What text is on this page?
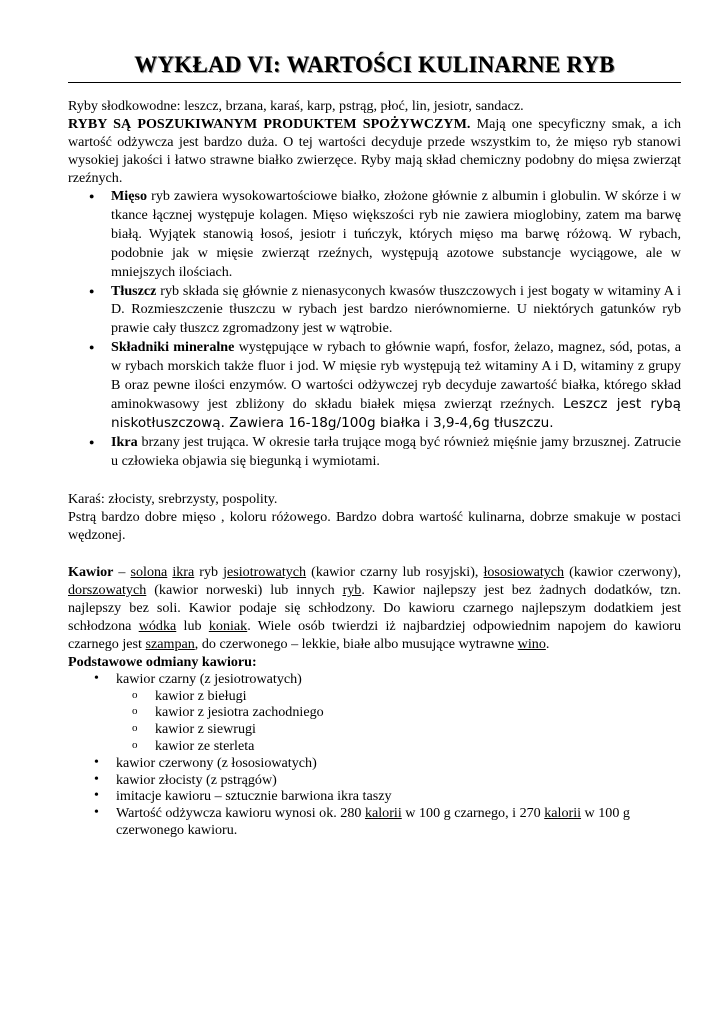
WYKŁAD VI: WARTOŚCI KULINARNE RYB

Ryby słodkowodne: leszcz, brzana, karaś, karp, pstrąg, płoć, lin, jesiotr, sandacz.

RYBY SĄ POSZUKIWANYM PRODUKTEM SPOŻYWCZYM. Mają one specyficzny smak, a ich wartość odżywcza jest bardzo duża. O tej wartości decyduje przede wszystkim to, że mięso ryb stanowi wysokiej jakości i łatwo strawne białko zwierzęce. Ryby mają skład chemiczny podobny do mięsa zwierząt rzeźnych.

● Mięso ryb zawiera wysokowartościowe białko, złożone głównie z albumin i globulin. W skórze i w tkance łącznej występuje kolagen. Mięso większości ryb nie zawiera mioglobiny, zatem ma barwę białą. Wyjątek stanowią łosoś, jesiotr i tuńczyk, których mięso ma barwę różową. W rybach, podobnie jak w mięsie zwierząt rzeźnych, występują azotowe substancje wyciągowe, ale w mniejszych ilościach.
● Tłuszcz ryb składa się głównie z nienasyconych kwasów tłuszczowych i jest bogaty w witaminy A i D. Rozmieszczenie tłuszczu w rybach jest bardzo nierównomierne. U niektórych gatunków ryb prawie cały tłuszcz zgromadzony jest w wątrobie.
● Składniki mineralne występujące w rybach to głównie wapń, fosfor, żelazo, magnez, sód, potas, a w rybach morskich także fluor i jod. W mięsie ryb występują też witaminy A i D, witaminy z grupy B oraz pewne ilości enzymów. O wartości odżywczej ryb decyduje zawartość białka, którego skład aminokwasowy jest zbliżony do składu białek mięsa zwierząt rzeźnych. Leszcz jest rybą niskotłuszczową. Zawiera 16-18g/100g białka i 3,9-4,6g tłuszczu.
● Ikra brzany jest trująca. W okresie tarła trujące mogą być również mięśnie jamy brzusznej. Zatrucie u człowieka objawia się biegunką i wymiotami.

Karaś: złocisty, srebrzysty, pospolity.

Pstrą bardzo dobre mięso , koloru różowego. Bardzo dobra wartość kulinarna, dobrze smakuje w postaci wędzonej.

Kawior – solona ikra ryb jesiotrowatych (kawior czarny lub rosyjski), łososiowatych (kawior czerwony), dorszowatych (kawior norweski) lub innych ryb. Kawior najlepszy jest bez żadnych dodatków, tzn. najlepszy bez soli. Kawior podaje się schłodzony. Do kawioru czarnego najlepszym dodatkiem jest schłodzona wódka lub koniak. Wiele osób twierdzi iż najbardziej odpowiednim napojem do kawioru czarnego jest szampan, do czerwonego – lekkie, białe albo musujące wytrawne wino.

Podstawowe odmiany kawioru:

• kawior czarny (z jesiotrowatych)
o kawior z bieługi
o kawior z jesiotra zachodniego
o kawior z siewrugi
o kawior ze sterleta
• kawior czerwony (z łososiowatych)
• kawior złocisty (z pstrągów)
• imitacje kawioru – sztucznie barwiona ikra taszy
• Wartość odżywcza kawioru wynosi ok. 280 kalorii w 100 g czarnego, i 270 kalorii w 100 g czerwonego kawioru.
